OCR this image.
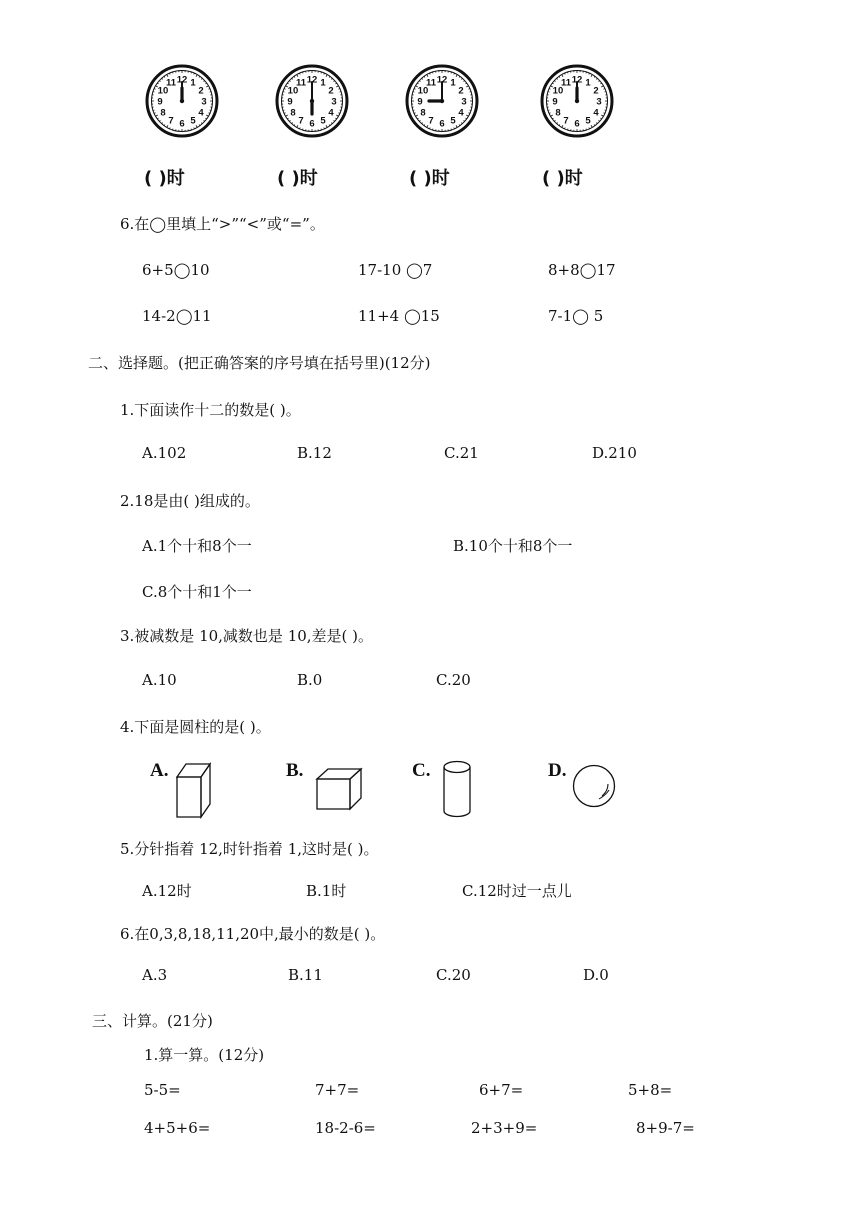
12 1
2
3
4
5
6
7
8
9
10
11	12 1
2
3
4
5
6
7
8
9
10
11	12 1
2
3
4
5
6
7
8
9
10
11	12 1
2
3
4
5
6
7
8
9
10
11
( )时	( )时	( )时	( )时
6.在◯里填上“>”“<”或“=”。
6+5◯10	17-10 ◯7	8+8◯17
14-2◯11	11+4 ◯15	7-1◯ 5
二、选择题。(把正确答案的序号填在括号里)(12分)
1.下面读作十二的数是( )。
A.102	B.12	C.21	D.210
2.18是由( )组成的。
A.1个十和8个一	B.10个十和8个一
C.8个十和1个一
3.被减数是 10,减数也是 10,差是( )。
A.10	B.0	C.20
4.下面是圆柱的是( )。
A.	B.	C.	D.
5.分针指着 12,时针指着 1,这时是( )。
A.12时	B.1时	C.12时过一点儿
6.在0,3,8,18,11,20中,最小的数是( )。
A.3	B.11	C.20	D.0
三、计算。(21分)
1.算一算。(12分)
5-5=	7+7=	6+7=	5+8=
4+5+6=	18-2-6=	2+3+9=	8+9-7=
